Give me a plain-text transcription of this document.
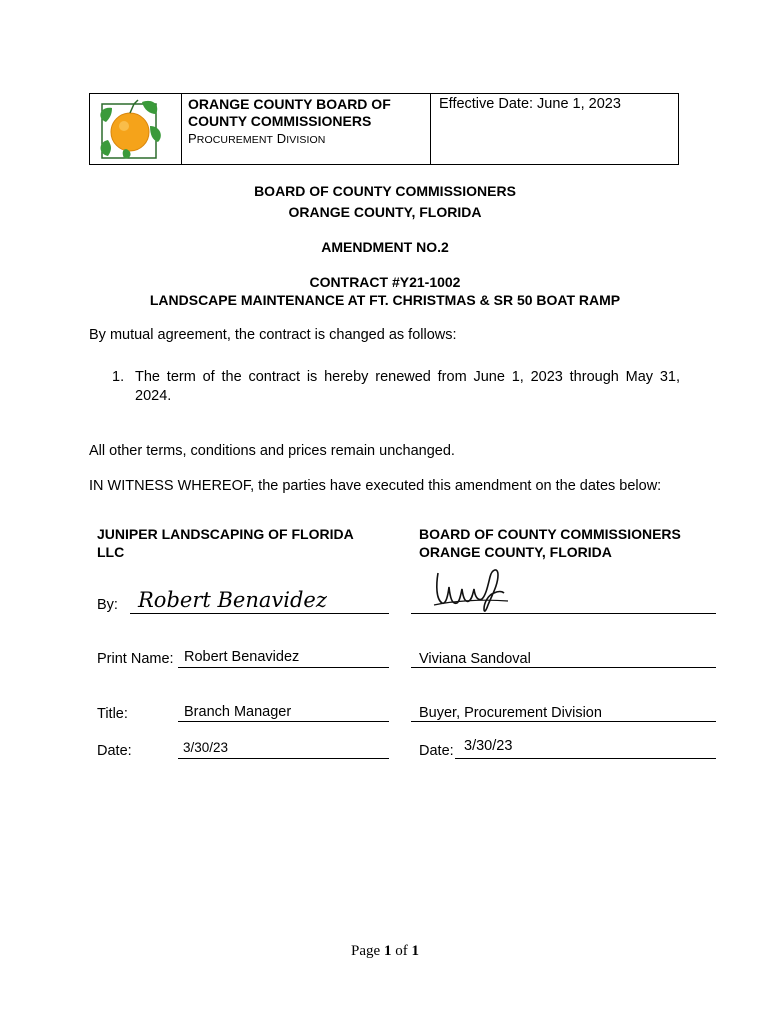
ORANGE COUNTY BOARD OF COUNTY COMMISSIONERS
PROCUREMENT DIVISION
Effective Date: June 1, 2023
BOARD OF COUNTY COMMISSIONERS
ORANGE COUNTY, FLORIDA
AMENDMENT NO.2
CONTRACT #Y21-1002
LANDSCAPE MAINTENANCE AT FT. CHRISTMAS & SR 50 BOAT RAMP
By mutual agreement, the contract is changed as follows:
1. The term of the contract is hereby renewed from June 1, 2023 through May 31,
2024.
All other terms, conditions and prices remain unchanged.
IN WITNESS WHEREOF, the parties have executed this amendment on the dates below:
JUNIPER LANDSCAPING OF FLORIDA
LLC
BOARD OF COUNTY COMMISSIONERS
ORANGE COUNTY, FLORIDA
By: Robert Benavidez
Print Name: Robert Benavidez	Viviana Sandoval
Title:	Branch Manager	Buyer, Procurement Division
Date:	3/30/23	Date: 3/30/23
Page 1 of 1
